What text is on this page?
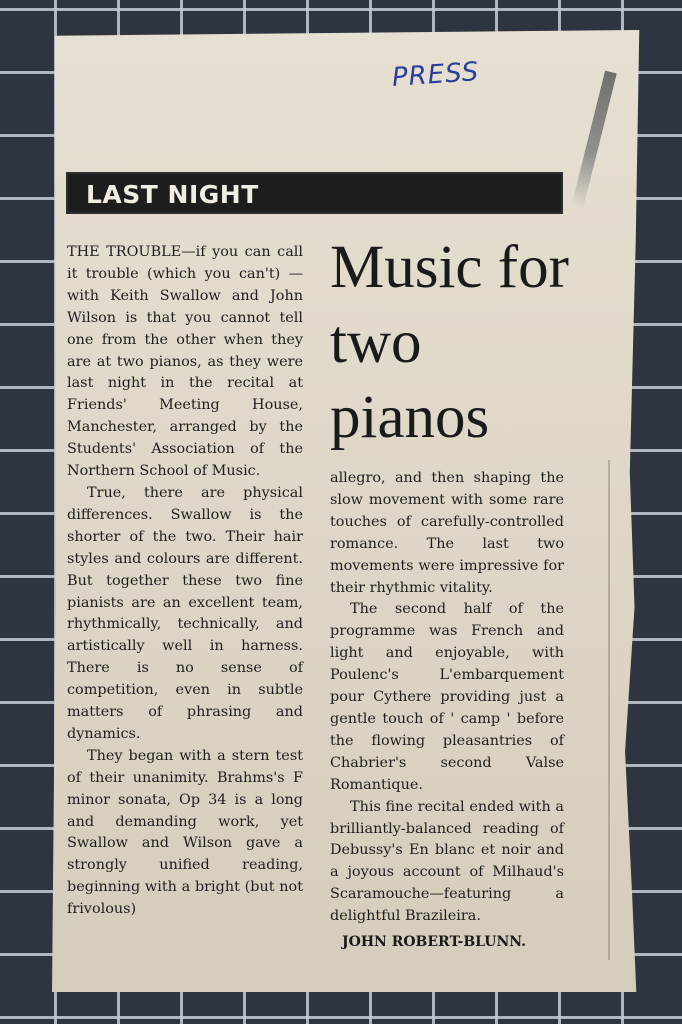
PRESS
LAST NIGHT

THE TROUBLE—if you can call it trouble (which you can't) — with Keith Swallow and John Wilson is that you cannot tell one from the other when they are at two pianos, as they were last night in the recital at Friends' Meeting House, Manchester, arranged by the Students' Association of the Northern School of Music.

True, there are physical differences. Swallow is the shorter of the two. Their hair styles and colours are different. But together these two fine pianists are an excellent team, rhythmically, technically, and artistically well in harness. There is no sense of competition, even in subtle matters of phrasing and dynamics.

They began with a stern test of their unanimity. Brahms's F minor sonata, Op 34 is a long and demanding work, yet Swallow and Wilson gave a strongly unified reading, beginning with a bright (but not frivolous)

Music for two pianos

allegro, and then shaping the slow movement with some rare touches of carefully-controlled romance. The last two movements were impressive for their rhythmic vitality.

The second half of the programme was French and light and enjoyable, with Poulenc's L'embarquement pour Cythere providing just a gentle touch of ' camp ' before the flowing pleasantries of Chabrier's second Valse Romantique.

This fine recital ended with a brilliantly-balanced reading of Debussy's En blanc et noir and a joyous account of Milhaud's Scaramouche—featuring a delightful Brazileira.

JOHN ROBERT-BLUNN.
